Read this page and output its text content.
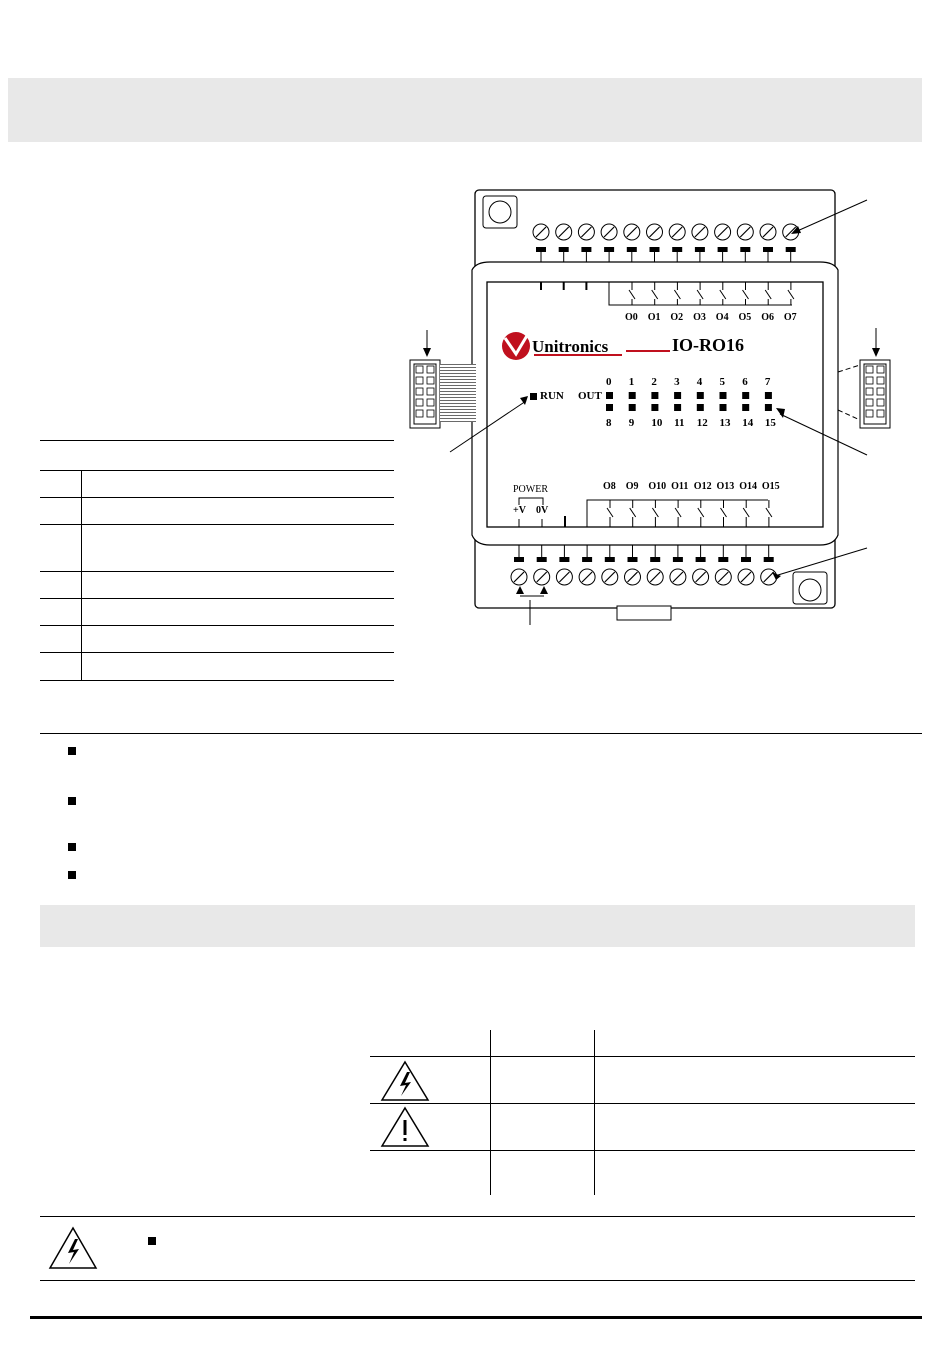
Unitronics	IO-RO16
RUN OUT
POWER
+V 0V
O0 O1 O2 O3 O4 O5 O6 O7
O8 O9 O10 O11 O12 O13 O14 O15
0 1 2 3 4 5 6 7
8 9 10 11 12 13 14 15
